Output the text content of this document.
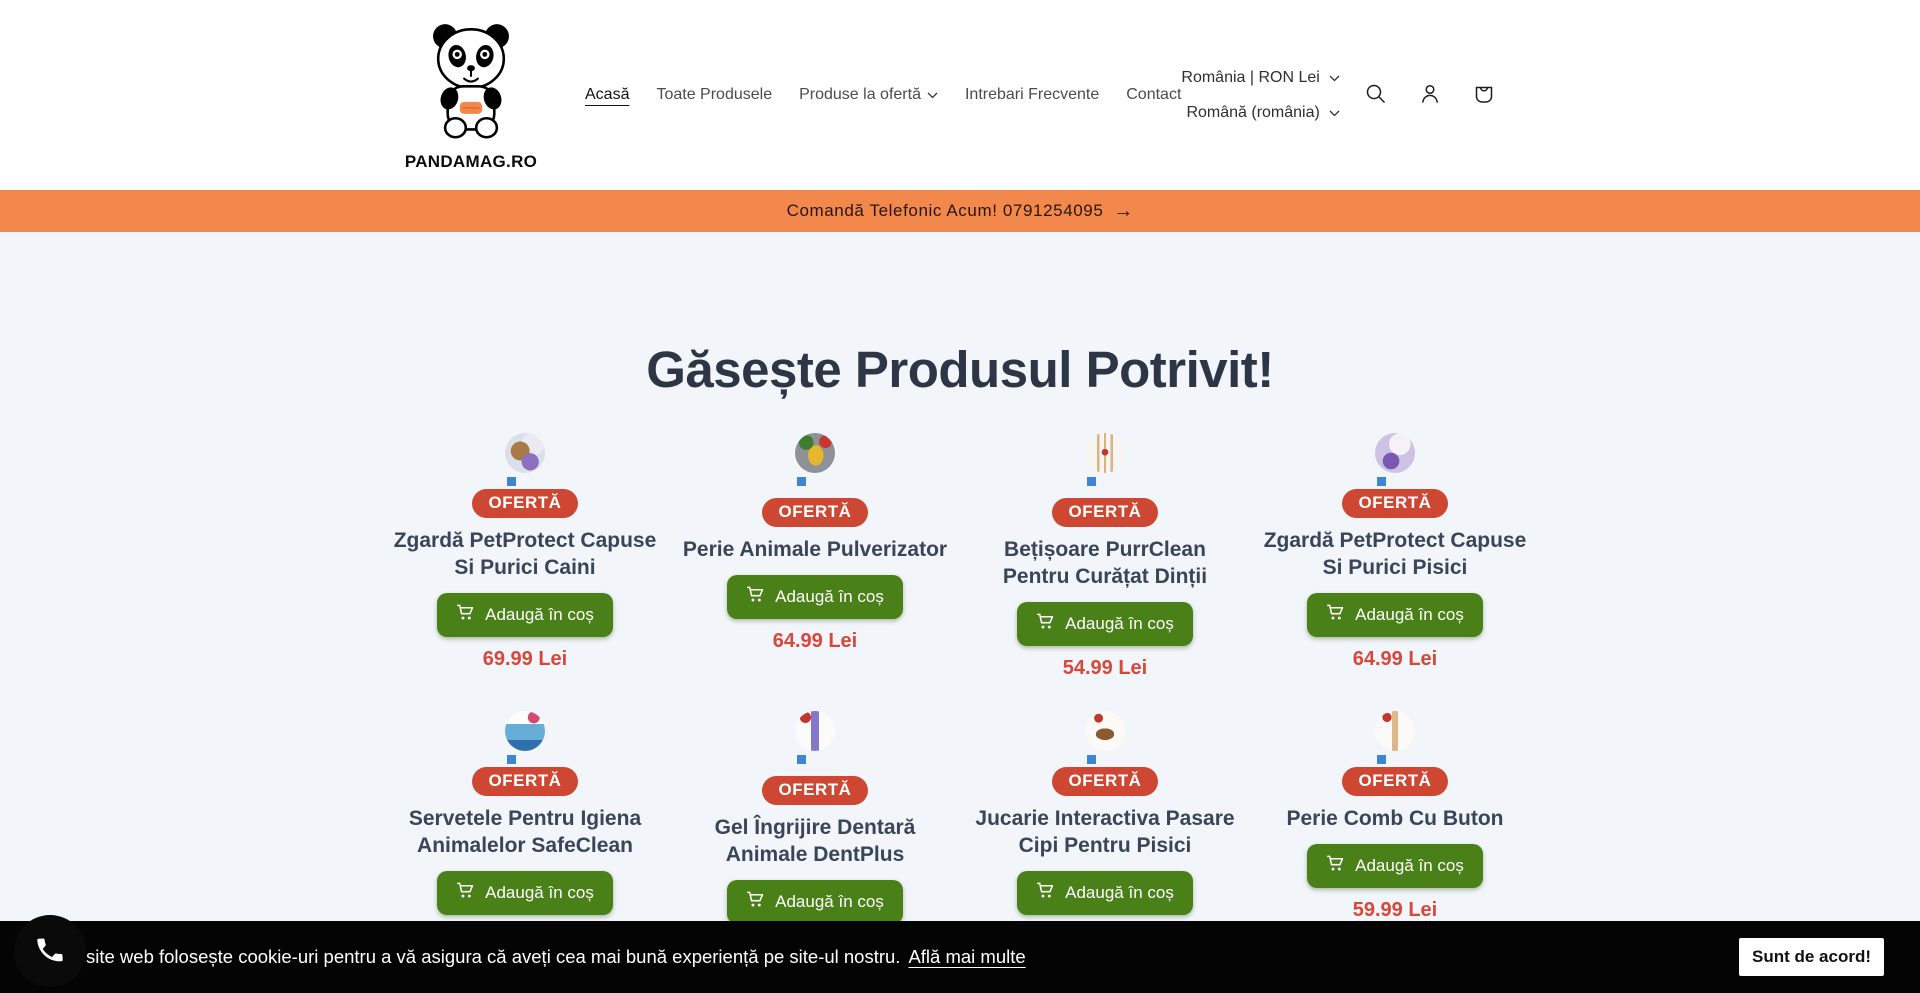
PANDAMAG.RO
Acasă Toate Produsele Produse la ofertă	Intrebari Frecvente Contact
România | RON Lei
Română (românia)
Comandă Telefonic Acum! 0791254095 →
Găsește Produsul Potrivit!
OFERTĂ
Zgardă PetProtect Capuse Si Purici Caini
Adaugă în coș
69.99 Lei
OFERTĂ
Perie Animale Pulverizator
Adaugă în coș
64.99 Lei
OFERTĂ
Bețișoare PurrClean Pentru Curățat Dinții
Adaugă în coș
54.99 Lei
OFERTĂ
Zgardă PetProtect Capuse Si Purici Pisici
Adaugă în coș
64.99 Lei
OFERTĂ
Servetele Pentru Igiena Animalelor SafeClean
Adaugă în coș
OFERTĂ
Gel Îngrijire Dentară Animale DentPlus
Adaugă în coș
OFERTĂ
Jucarie Interactiva Pasare Cipi Pentru Pisici
Adaugă în coș
OFERTĂ
Perie Comb Cu Buton
Adaugă în coș
59.99 Lei
site web folosește cookie-uri pentru a vă asigura că aveți cea mai bună experiență pe site-ul nostru. Află mai multe	Sunt de acord!
